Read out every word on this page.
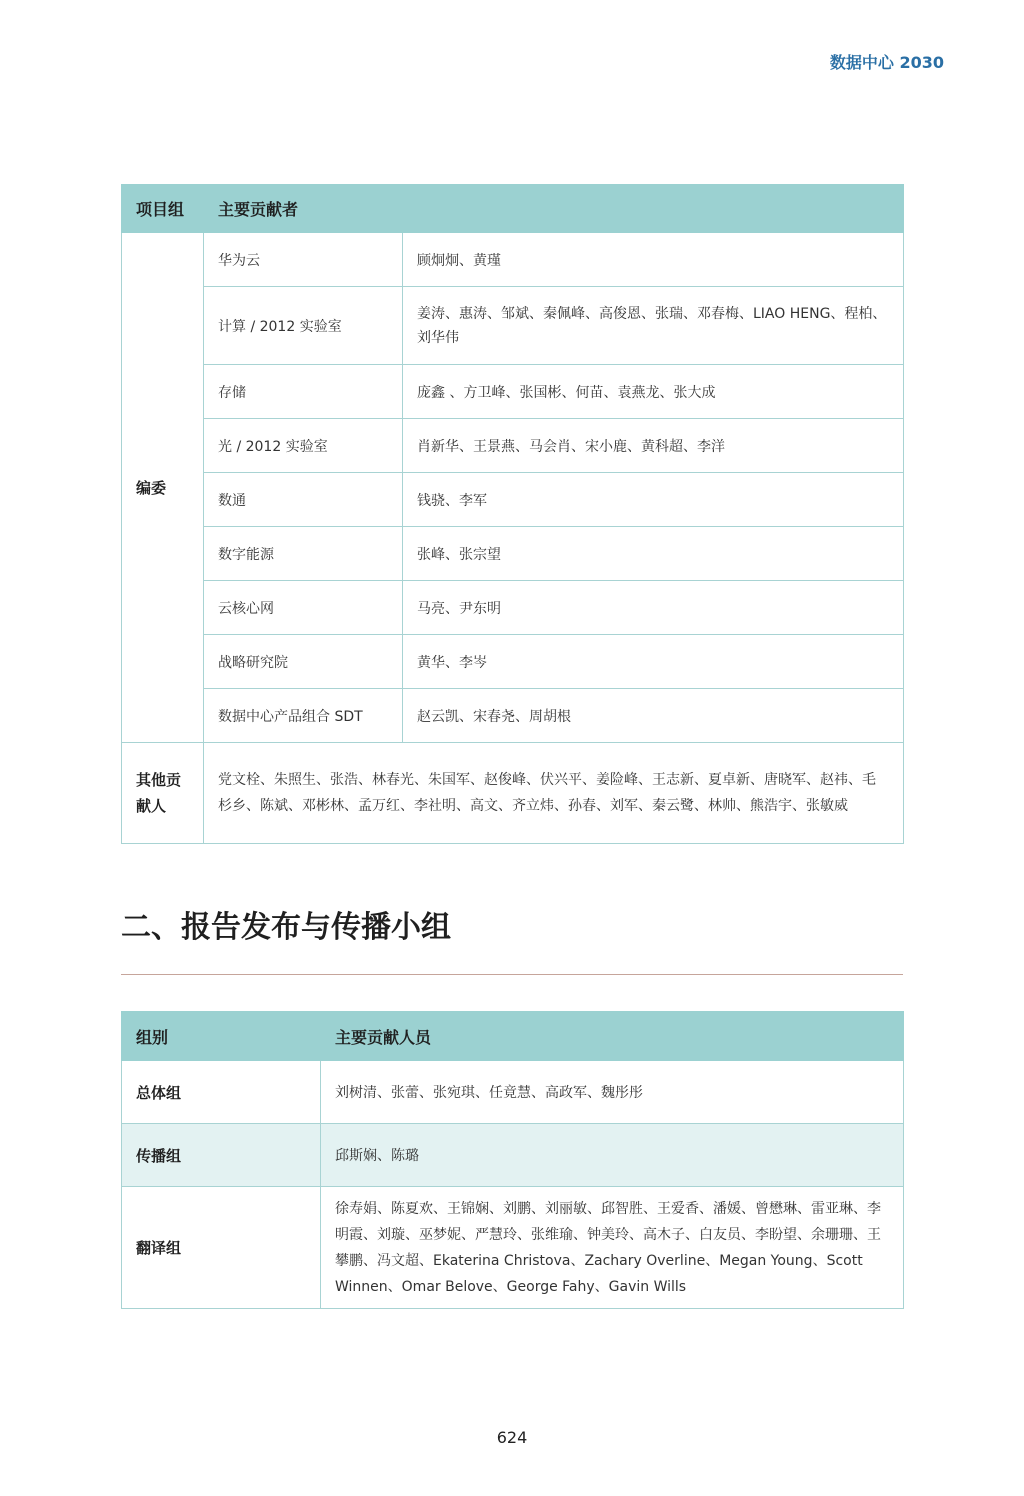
数据中心 2030
项目组	主要贡献者	
编委	华为云	顾炯炯、黄瑾
	计算 / 2012 实验室	姜涛、惠涛、邹斌、秦佩峰、高俊恩、张瑞、邓春梅、LIAO HENG、程柏、刘华伟
	存储	庞鑫 、方卫峰、张国彬、何苗、袁燕龙、张大成
	光 / 2012 实验室	肖新华、王景燕、马会肖、宋小鹿、黄科超、李洋
	数通	钱骁、李军
	数字能源	张峰、张宗望
	云核心网	马亮、尹东明
	战略研究院	黄华、李岑
	数据中心产品组合 SDT	赵云凯、宋春尧、周胡根
其他贡献人	党文栓、朱照生、张浩、林春光、朱国军、赵俊峰、伏兴平、姜险峰、王志新、夏卓新、唐晓军、赵祎、毛杉乡、陈斌、邓彬林、孟万红、李社明、高文、齐立炜、孙春、刘军、秦云鹭、林帅、熊浩宇、张敏威	
二、报告发布与传播小组
组别	主要贡献人员
总体组	刘树清、张蕾、张宛琪、任竟慧、高政军、魏彤彤
传播组	邱斯娴、陈璐
翻译组	徐寿娟、陈夏欢、王锦娴、刘鹏、刘丽敏、邱智胜、王爱香、潘媛、曾懋琳、雷亚琳、李明霞、刘璇、巫梦妮、严慧玲、张维瑜、钟美玲、高木子、白友员、李盼望、余珊珊、王攀鹏、冯文超、Ekaterina Christova、Zachary Overline、Megan Young、Scott Winnen、Omar Belove、George Fahy、Gavin Wills
624
